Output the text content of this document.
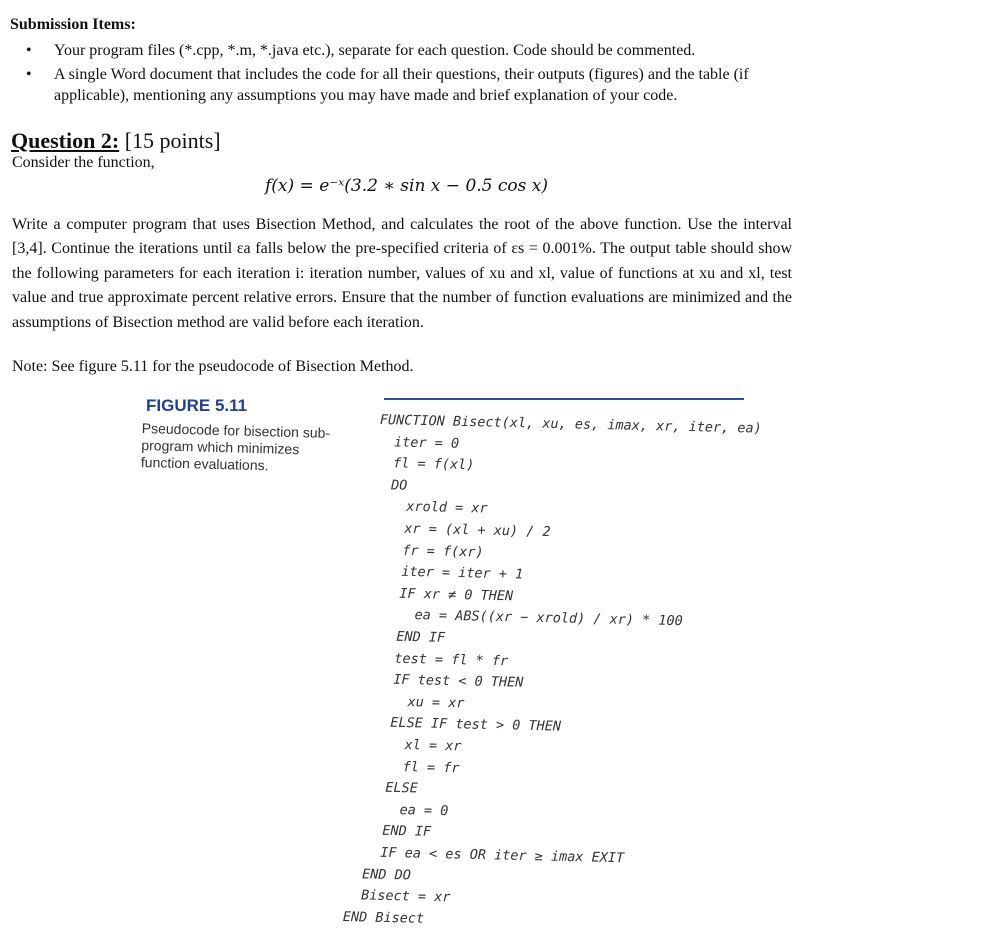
Submission Items:
• Your program files (*.cpp, *.m, *.java etc.), separate for each question. Code should be commented.
• A single Word document that includes the code for all their questions, their outputs (figures) and the table (if applicable), mentioning any assumptions you may have made and brief explanation of your code.
Question 2: [15 points]
Consider the function,
f(x) = e⁻ˣ(3.2 ∗ sin x − 0.5 cos x)
Write a computer program that uses Bisection Method, and calculates the root of the above function. Use the interval [3,4]. Continue the iterations until εa falls below the pre-specified criteria of εs = 0.001%. The output table should show the following parameters for each iteration i: iteration number, values of xu and xl, value of functions at xu and xl, test value and true approximate percent relative errors. Ensure that the number of function evaluations are minimized and the assumptions of Bisection method are valid before each iteration.
Note: See figure 5.11 for the pseudocode of Bisection Method.
FIGURE 5.11
Pseudocode for bisection sub-program which minimizes function evaluations.
FUNCTION Bisect(xl, xu, es, imax, xr, iter, ea)
iter = 0
fl = f(xl)
DO
xrold = xr
xr = (xl + xu) / 2
fr = f(xr)
iter = iter + 1
IF xr ≠ 0 THEN
ea = ABS((xr − xrold) / xr) * 100
END IF
test = fl * fr
IF test < 0 THEN
xu = xr
ELSE IF test > 0 THEN
xl = xr
fl = fr
ELSE
ea = 0
END IF
IF ea < es OR iter ≥ imax EXIT
END DO
Bisect = xr
END Bisect
